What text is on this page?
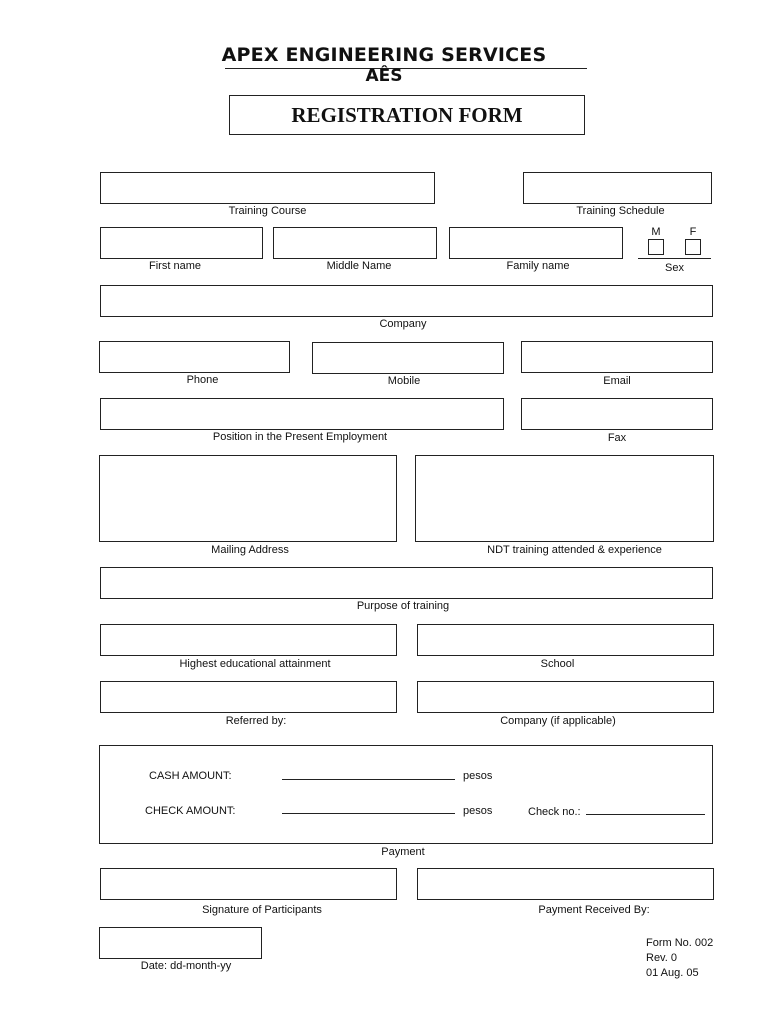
APEX ENGINEERING SERVICES
AÊS
REGISTRATION FORM
Training Course	Training Schedule
First name	Middle Name	Family name
M	F
Sex
Company
Phone	Mobile	Email
Position in the Present Employment	Fax
Mailing Address	NDT training attended & experience
Purpose of training
Highest educational attainment	School
Referred by:	Company (if applicable)
CASH AMOUNT:	pesos
CHECK AMOUNT:	pesos	Check no.:
Payment
Signature of Participants	Payment Received By:
Date: dd-month-yy
Form No. 002
Rev. 0
01 Aug. 05
